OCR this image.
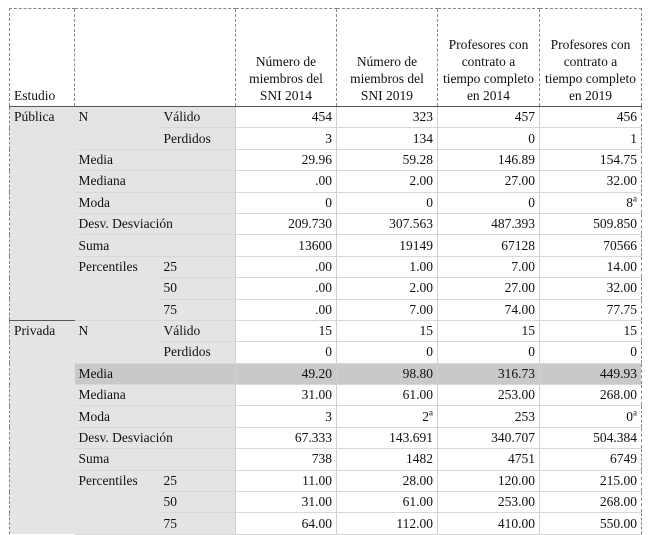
Estudio			Número de miembros del SNI 2014	Número de miembros del SNI 2019	Profesores con contrato a tiempo completo en 2014	Profesores con contrato a tiempo completo en 2019
Pública	N	Válido	454	323	457	456
		Perdidos	3	134	0	1
	Media		29.96	59.28	146.89	154.75
	Mediana		.00	2.00	27.00	32.00
	Moda		0	0	0	8$^a$
	Desv. Desviación		209.730	307.563	487.393	509.850
	Suma		13600	19149	67128	70566
	Percentiles	25	.00	1.00	7.00	14.00
		50	.00	2.00	27.00	32.00
		75	.00	7.00	74.00	77.75
Privada	N	Válido	15	15	15	15
		Perdidos	0	0	0	0
	Media		49.20	98.80	316.73	449.93
	Mediana		31.00	61.00	253.00	268.00
	Moda		3	2$^a$	253	0$^a$
	Desv. Desviación		67.333	143.691	340.707	504.384
	Suma		738	1482	4751	6749
	Percentiles	25	11.00	28.00	120.00	215.00
		50	31.00	61.00	253.00	268.00
		75	64.00	112.00	410.00	550.00
